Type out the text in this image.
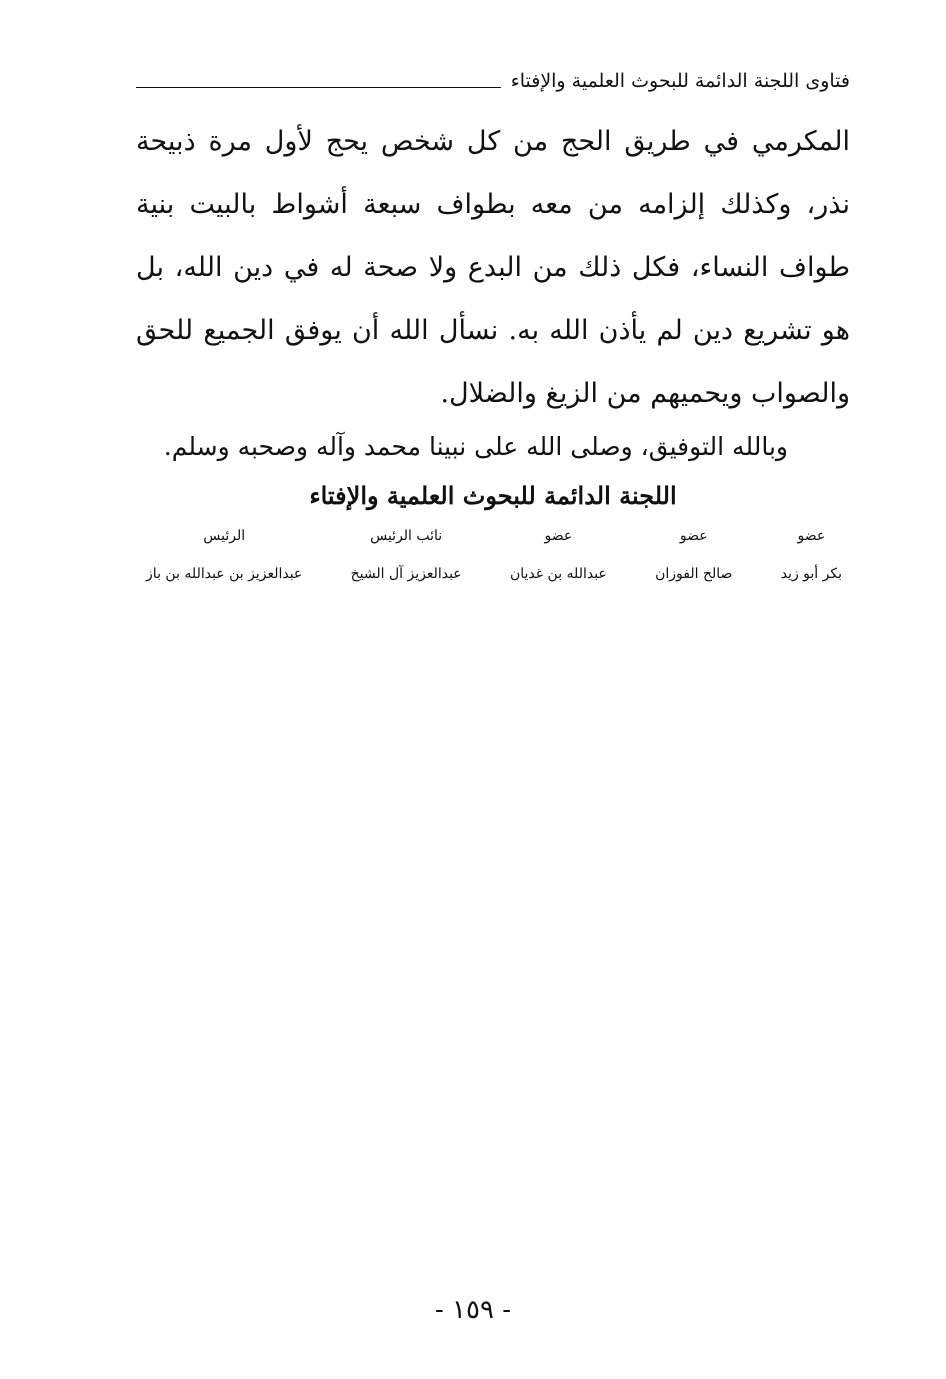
فتاوى اللجنة الدائمة للبحوث العلمية والإفتاء

المكرمي في طريق الحج من كل شخص يحج لأول مرة ذبيحة نذر، وكذلك إلزامه من معه بطواف سبعة أشواط بالبيت بنية طواف النساء، فكل ذلك من البدع ولا صحة له في دين الله، بل هو تشريع دين لم يأذن الله به. نسأل الله أن يوفق الجميع للحق والصواب ويحميهم من الزيغ والضلال.

وبالله التوفيق، وصلى الله على نبينا محمد وآله وصحبه وسلم.

اللجنة الدائمة للبحوث العلمية والإفتاء

عضو
بكر أبو زيد
عضو
صالح الفوزان
عضو
عبدالله بن غديان
نائب الرئيس
عبدالعزيز آل الشيخ
الرئيس
عبدالعزيز بن عبدالله بن باز
- ١٥٩ -
